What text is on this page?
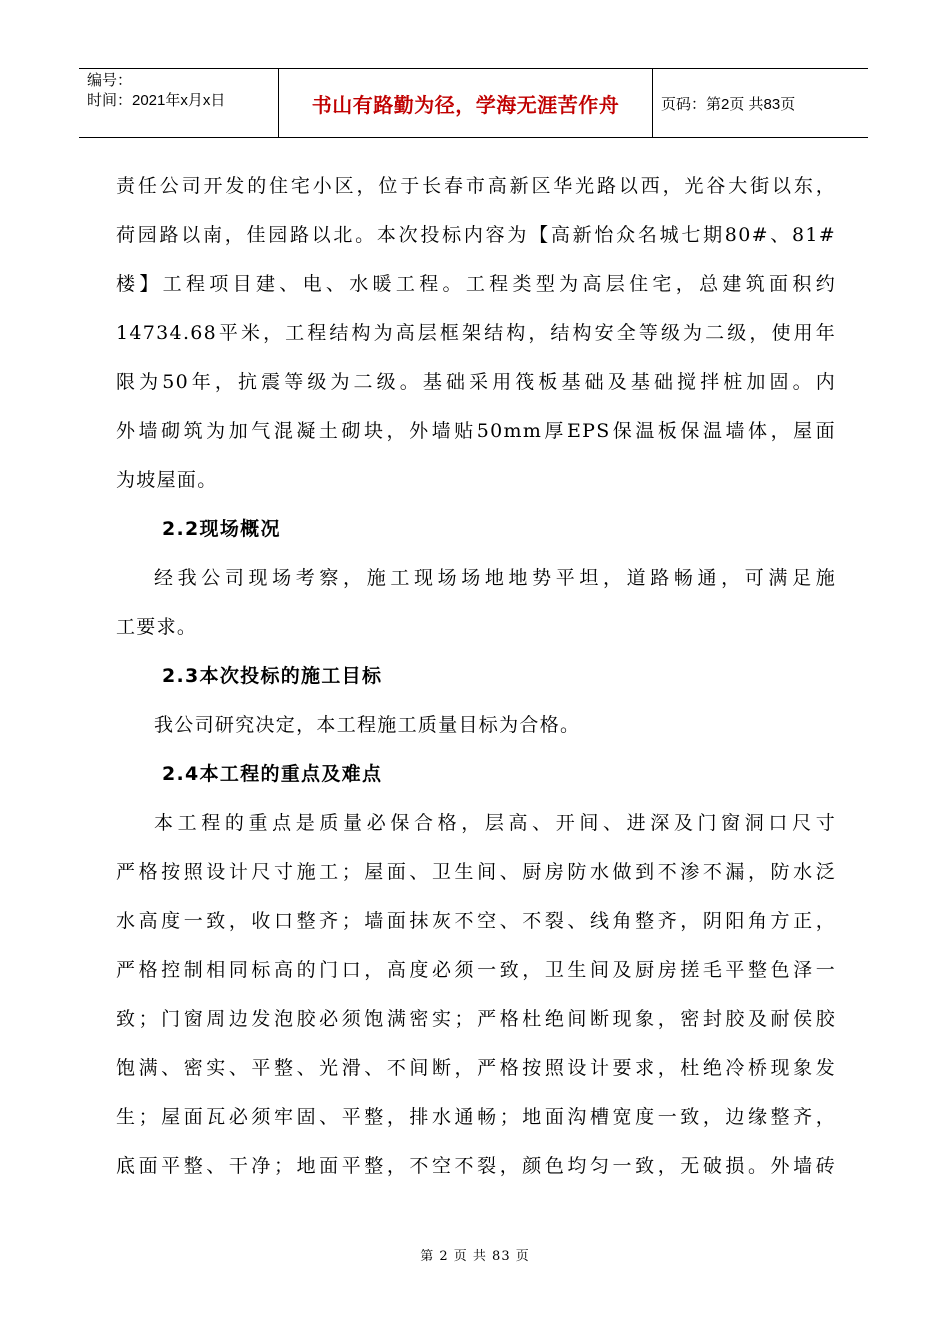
编号：
时间：2021年x月x日	书山有路勤为径，学海无涯苦作舟	页码：第2页 共83页
责任公司开发的住宅小区，位于长春市高新区华光路以西，光谷大街以东，
荷园路以南，佳园路以北。本次投标内容为【高新怡众名城七期80#、81#
楼】工程项目建、电、水暖工程。工程类型为高层住宅，总建筑面积约
14734.68平米，工程结构为高层框架结构，结构安全等级为二级，使用年
限为50年，抗震等级为二级。基础采用筏板基础及基础搅拌桩加固。内
外墙砌筑为加气混凝土砌块，外墙贴50mm厚EPS保温板保温墙体，屋面
为坡屋面。
2.2现场概况
经我公司现场考察，施工现场场地地势平坦，道路畅通，可满足施
工要求。
2.3本次投标的施工目标
我公司研究决定，本工程施工质量目标为合格。
2.4本工程的重点及难点
本工程的重点是质量必保合格，层高、开间、进深及门窗洞口尺寸
严格按照设计尺寸施工；屋面、卫生间、厨房防水做到不渗不漏，防水泛
水高度一致，收口整齐；墙面抹灰不空、不裂、线角整齐，阴阳角方正，
严格控制相同标高的门口，高度必须一致，卫生间及厨房搓毛平整色泽一
致；门窗周边发泡胶必须饱满密实；严格杜绝间断现象，密封胶及耐侯胶
饱满、密实、平整、光滑、不间断，严格按照设计要求，杜绝冷桥现象发
生；屋面瓦必须牢固、平整，排水通畅；地面沟槽宽度一致，边缘整齐，
底面平整、干净；地面平整，不空不裂，颜色均匀一致，无破损。外墙砖
第 2 页 共 83 页
